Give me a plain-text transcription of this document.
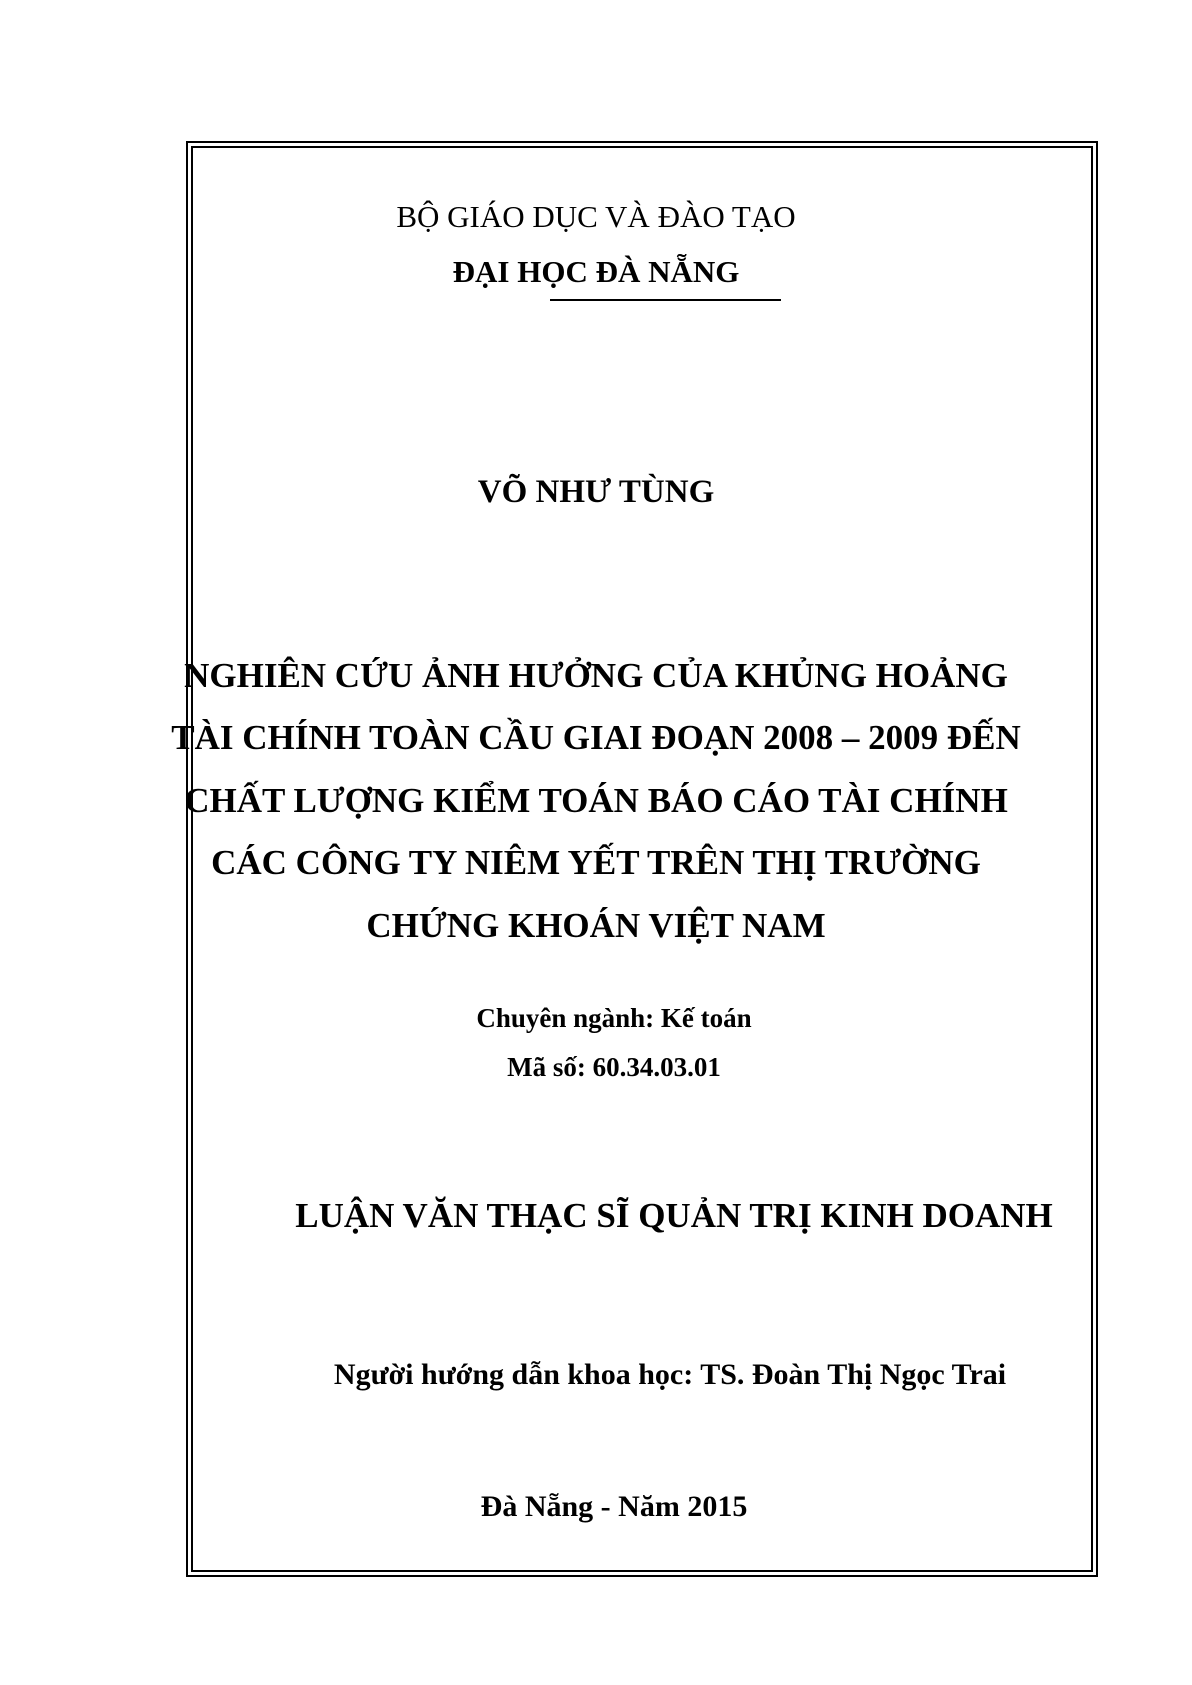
BỘ GIÁO DỤC VÀ ĐÀO TẠO
ĐẠI HỌC ĐÀ NẴNG
VÕ NHƯ TÙNG
NGHIÊN CỨU ẢNH HƯỞNG CỦA KHỦNG HOẢNG
TÀI CHÍNH TOÀN CẦU GIAI ĐOẠN 2008 – 2009 ĐẾN
CHẤT LƯỢNG KIỂM TOÁN BÁO CÁO TÀI CHÍNH
CÁC CÔNG TY NIÊM YẾT TRÊN THỊ TRƯỜNG
CHỨNG KHOÁN VIỆT NAM
Chuyên ngành: Kế toán
Mã số: 60.34.03.01
LUẬN VĂN THẠC SĨ QUẢN TRỊ KINH DOANH
Người hướng dẫn khoa học: TS. Đoàn Thị Ngọc Trai
Đà Nẵng - Năm 2015
